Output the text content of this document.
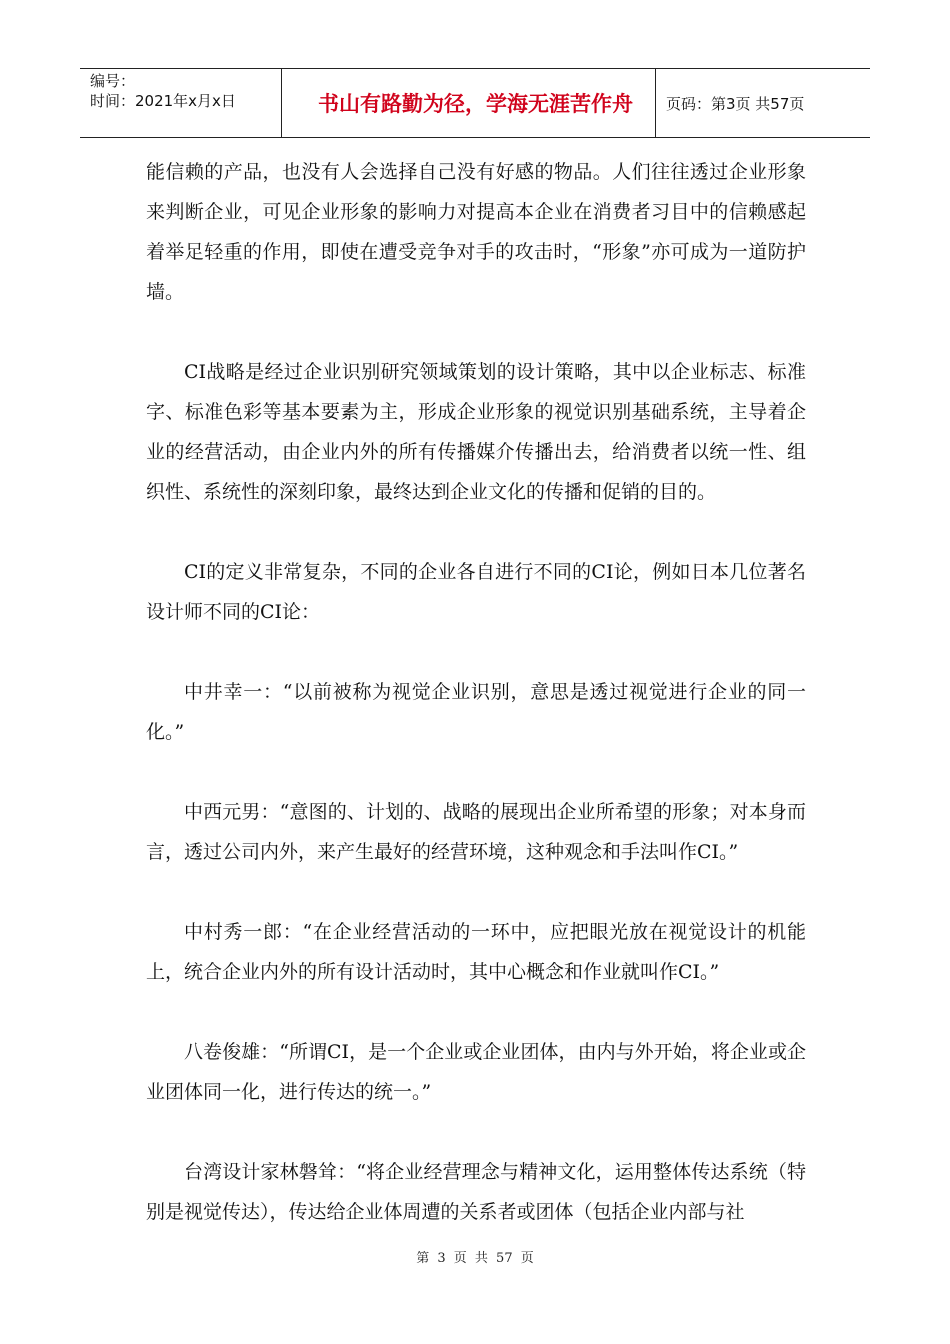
编号：
时间：2021年x月x日	书山有路勤为径，学海无涯苦作舟 页码：第3页 共57页

能信赖的产品，也没有人会选择自己没有好感的物品。人们往往透过企业形象来判断企业，可见企业形象的影响力对提高本企业在消费者习目中的信赖感起着举足轻重的作用，即使在遭受竞争对手的攻击时，“形象”亦可成为一道防护墙。

CI战略是经过企业识别研究领域策划的设计策略，其中以企业标志、标准字、标准色彩等基本要素为主，形成企业形象的视觉识别基础系统，主导着企业的经营活动，由企业内外的所有传播媒介传播出去，给消费者以统一性、组织性、系统性的深刻印象，最终达到企业文化的传播和促销的目的。

CI的定义非常复杂，不同的企业各自进行不同的CI论，例如日本几位著名设计师不同的CI论：

中井幸一：“以前被称为视觉企业识别，意思是透过视觉进行企业的同一化。”

中西元男：“意图的、计划的、战略的展现出企业所希望的形象；对本身而言，透过公司内外，来产生最好的经营环境，这种观念和手法叫作CI。”

中村秀一郎：“在企业经营活动的一环中，应把眼光放在视觉设计的机能上，统合企业内外的所有设计活动时，其中心概念和作业就叫作CI。”

八卷俊雄：“所谓CI，是一个企业或企业团体，由内与外开始，将企业或企业团体同一化，进行传达的统一。”

台湾设计家林磐耸：“将企业经营理念与精神文化，运用整体传达系统（特别是视觉传达），传达给企业体周遭的关系者或团体（包括企业内部与社

第 3 页 共 57 页
